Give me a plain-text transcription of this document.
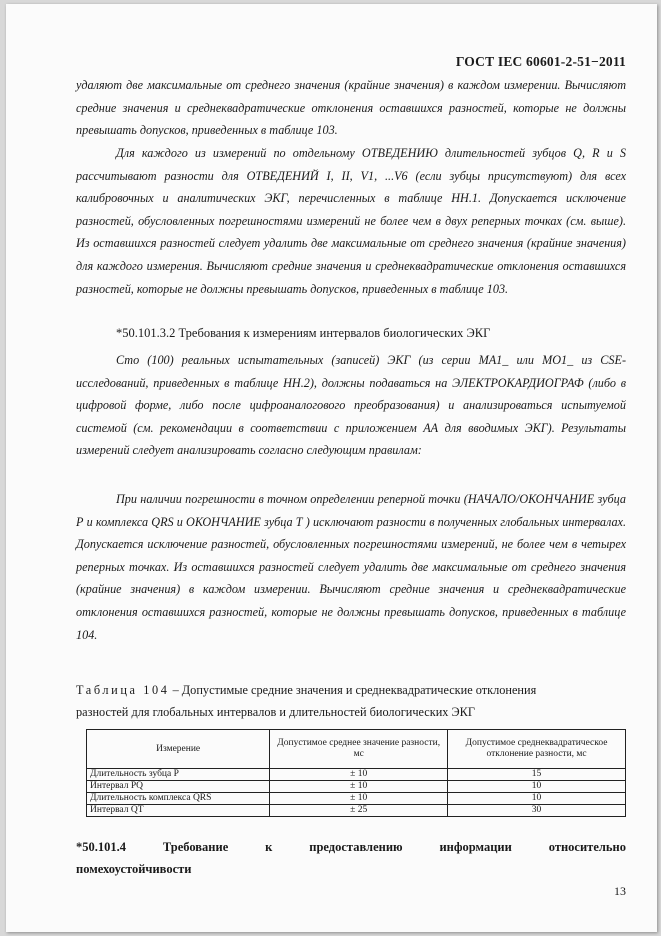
ГОСТ IEC 60601-2-51−2011
удаляют две максимальные от среднего значения (крайние значения) в каждом измерении. Вычисляют средние значения и среднеквадратические отклонения оставшихся разностей, которые не должны превышать допусков, приведенных в таблице 103.
Для каждого из измерений по отдельному ОТВЕДЕНИЮ длительностей зубцов Q, R и S рассчитывают разности для ОТВЕДЕНИЙ I, II, V1, ...V6 (если зубцы присутствуют) для всех калибровочных и аналитических ЭКГ, перечисленных в таблице НН.1. Допускается исключение разностей, обусловленных погрешностями измерений не более чем в двух реперных точках (см. выше). Из оставшихся разностей следует удалить две максимальные от среднего значения (крайние значения) для каждого измерения. Вычисляют средние значения и среднеквадратические отклонения оставшихся разностей, которые не должны превышать допусков, приведенных в таблице 103.
*50.101.3.2 Требования к измерениям интервалов биологических ЭКГ
Сто (100) реальных испытательных (записей) ЭКГ (из серии MA1_ или MO1_ из CSE-исследований, приведенных в таблице НН.2), должны подаваться на ЭЛЕКТРОКАРДИОГРАФ (либо в цифровой форме, либо после цифроаналогового преобразования) и анализироваться испытуемой системой (см. рекомендации в соответствии с приложением АА для вводимых ЭКГ). Результаты измерений следует анализировать согласно следующим правилам:
При наличии погрешности в точном определении реперной точки (НАЧАЛО/ОКОНЧАНИЕ зубца Р и комплекса QRS и ОКОНЧАНИЕ зубца Т ) исключают разности в полученных глобальных интервалах. Допускается исключение разностей, обусловленных погрешностями измерений, не более чем в четырех реперных точках. Из оставшихся разностей следует удалить две максимальные от среднего значения (крайние значения) в каждом измерении. Вычисляют средние значения и среднеквадратические отклонения оставшихся разностей, которые не должны превышать допусков, приведенных в таблице 104.
Таблица 104 – Допустимые средние значения и среднеквадратические отклонения
разностей для глобальных интервалов и длительностей биологических ЭКГ
Измерение	Допустимое среднее значение разности, мс	Допустимое среднеквадратическое отклонение разности, мс
Длительность зубца Р	± 10	15
Интервал PQ	± 10	10
Длительность комплекса QRS	± 10	10
Интервал QT	± 25	30
*50.101.4	Требование	к	предоставлению	информации	относительно
помехоустойчивости
13
